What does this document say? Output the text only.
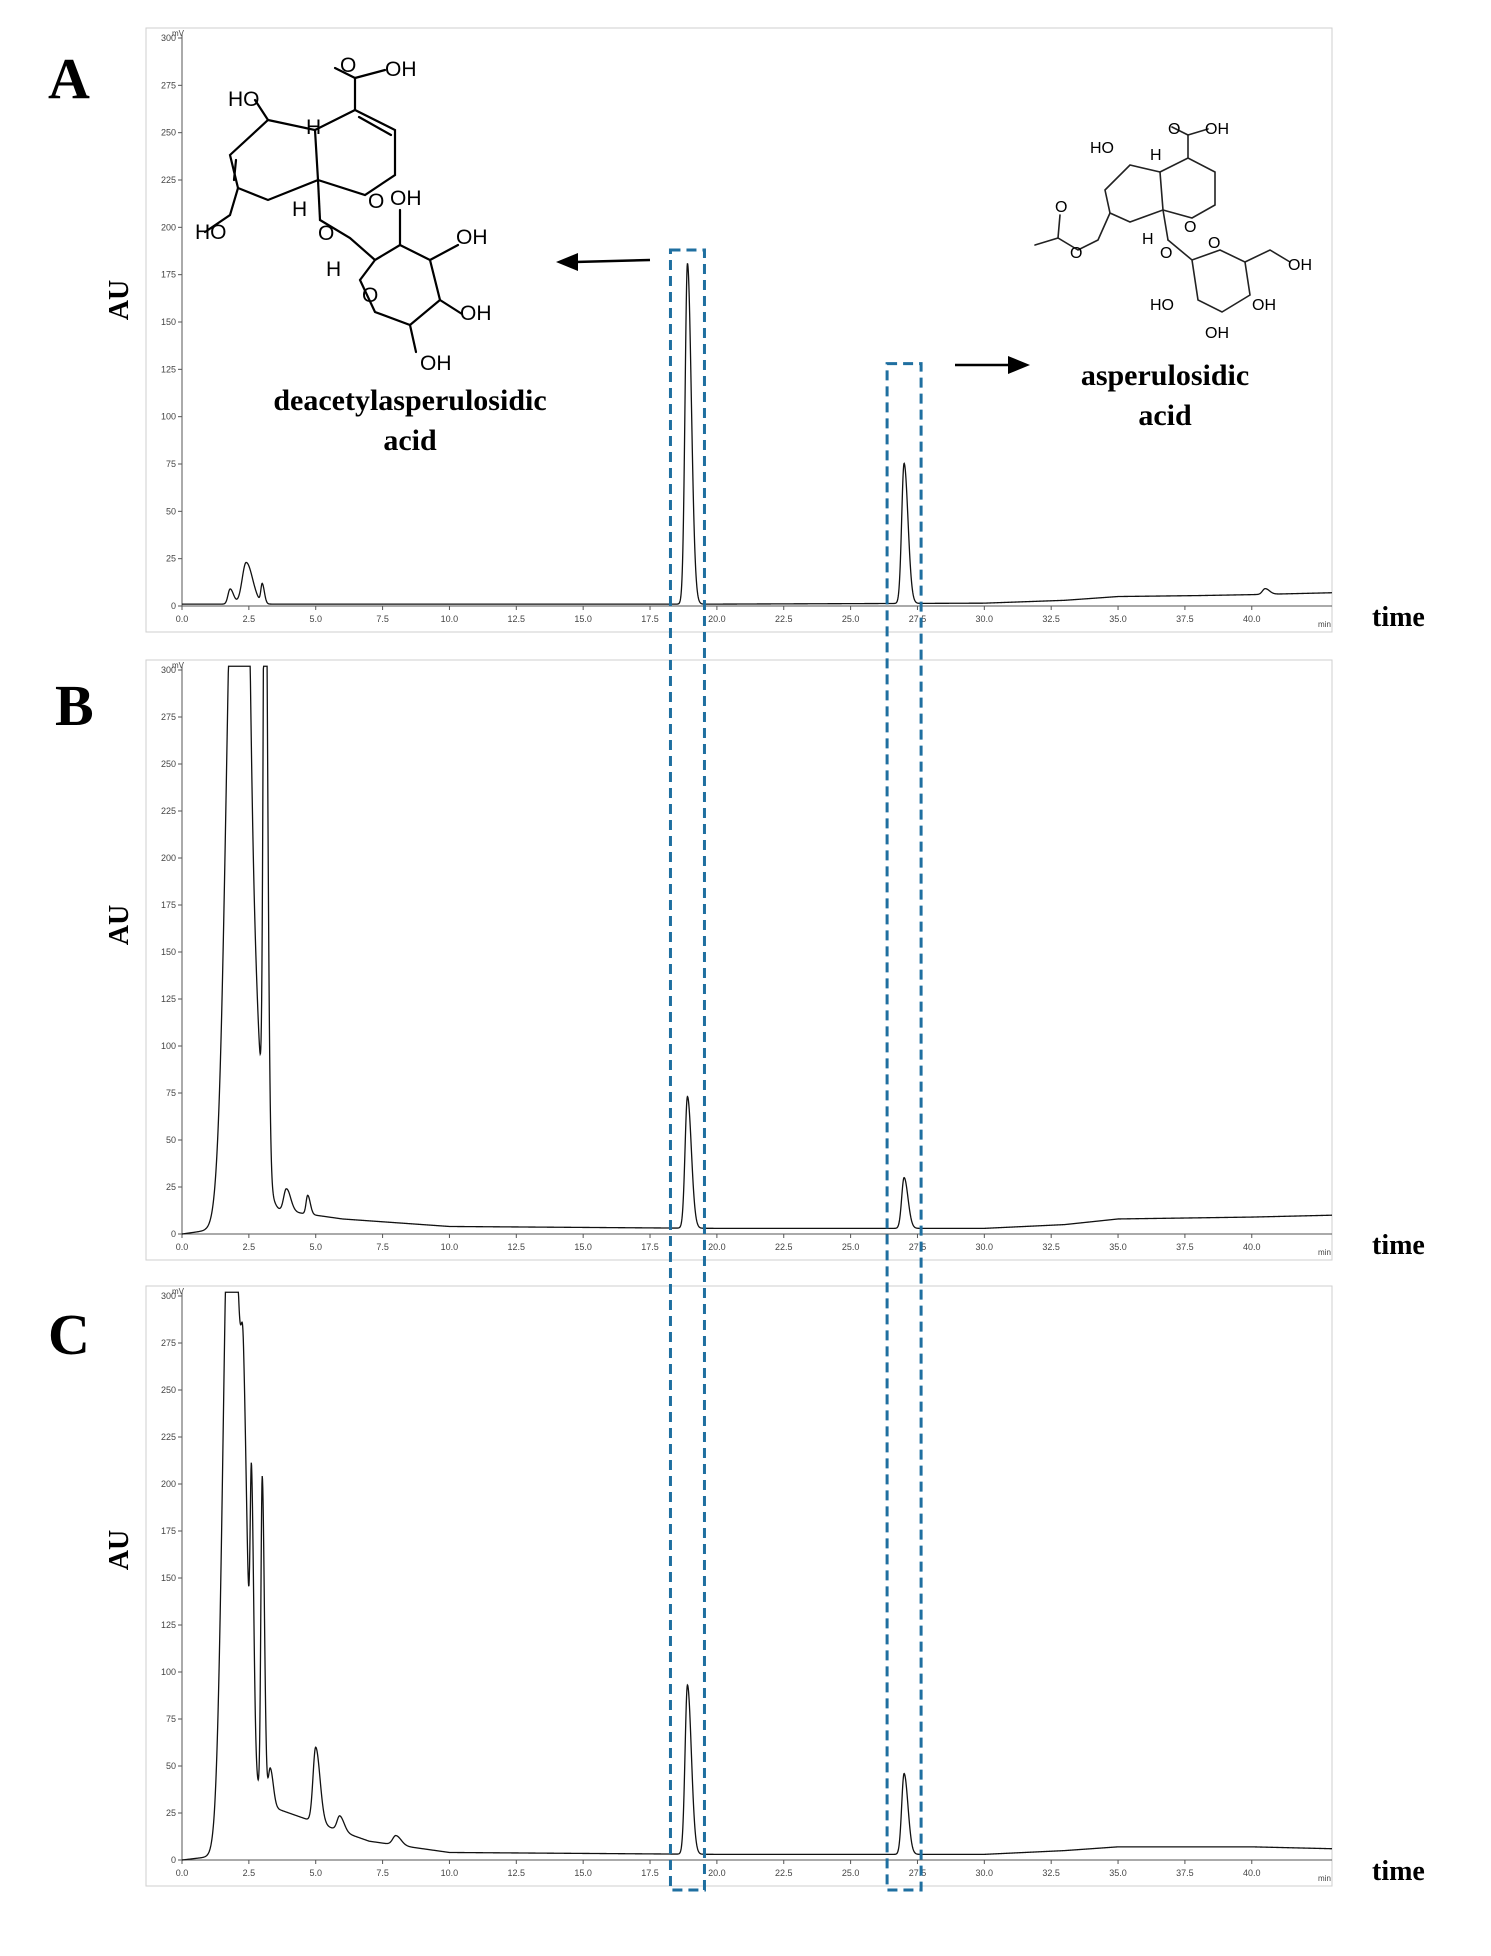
A
AU
time
mV
min
0
25
50
75
100
125
150
175
200
225
250
275
300
0.0	2.5	5.0	7.5	10.0	12.5	15.0	17.5	20.0	22.5	25.0	27.5	30.0	32.5	35.0	37.5	40.0
O OH
HO
H
H	O
O
OH
OH
HO
H
O
OH
OH
deacetylasperulosidic
acid
O OH
HO H
H
O
O
O	O
O
OH
HO	OH
OH
asperulosidic
acid
B
AU
time
mV
min
0
25
50
75
100
125
150
175
200
225
250
275
300
0.0	2.5	5.0	7.5	10.0	12.5	15.0	17.5	20.0	22.5	25.0	27.5	30.0	32.5	35.0	37.5	40.0
C
AU
time
mV
min
0
25
50
75
100
125
150
175
200
225
250
275
300
0.0	2.5	5.0	7.5	10.0	12.5	15.0	17.5	20.0	22.5	25.0	27.5	30.0	32.5	35.0	37.5	40.0
